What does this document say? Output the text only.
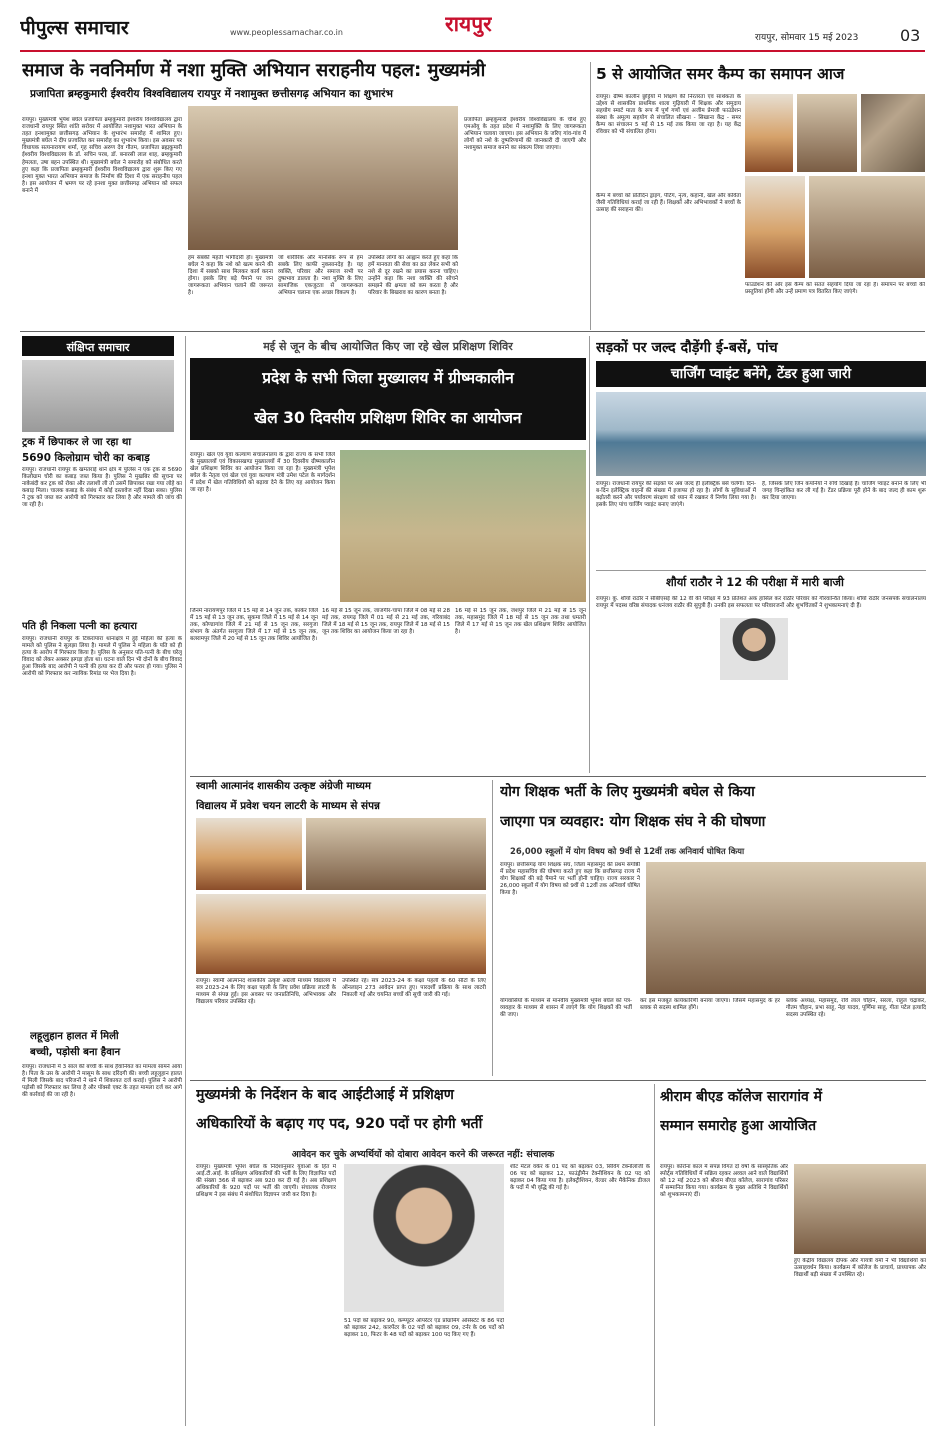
पीपुल्स समाचार	www.peoplessamachar.co.in	रायपुर
रायपुर, सोमवार 15 मई 2023	03
समाज के नवनिर्माण में नशा मुक्ति अभियान सराहनीय पहल: मुख्यमंत्री
प्रजापिता ब्रम्हकुमारी ईश्वरीय विश्वविद्यालय रायपुर में नशामुक्त छत्तीसगढ़ अभियान का शुभारंभ
रायपुर। मुख्यमंत्री भूपेश बघेल प्रजापिता ब्रम्हकुमारी ईश्वरीय विश्वविद्यालय द्वारा राजधानी रायपुर स्थित शांति सरोवर में आयोजित नशामुक्त भारत अभियान के तहत इनशामुक्त छत्तीसगढ़ अभियान के शुभारंभ समारोह में शामिल हुए। मुख्यमंत्री बघेल ने दीप प्रज्वलित कर समारोह का शुभारंभ किया। इस अवसर पर विधायक सत्यनारायण शर्मा, गृह सचिव अरुण देव गौतम, प्रजापिता ब्रह्मकुमारी ईश्वरीय विश्वविद्यालय के डॉ. सचिन परब, डॉ. बनारसी लाल शाह, ब्रम्हकुमारी हेमलता, उषा बहन उपस्थित थी। मुख्यमंत्री बघेल ने समारोह को संबोधित करते हुए कहा कि प्रजापिता ब्रम्हकुमारी ईश्वरीय विश्वविद्यालय द्वारा शुरू किए गए इनशा मुक्त भारत अभियान समाज के निर्माण की दिशा में एक सराहनीय पहल है। इस आयोजन में भ्रमण पर रहे इनशा मुक्त छत्तीसगढ़ अभियान को सफल बनाने में
हम सबकी महती भागीदारी हो। मुख्यमंत्री बघेल ने कहा कि नशे को खत्म करने की दिशा में सबको साथ मिलकर कार्य करना होगा। इसके लिए बड़े पैमाने पर जन जागरूकता अभियान चलाने की जरूरत है।
जो शारीरिक और मानसिक रूप से हम सबके लिए काफी नुकसानदेह है। यह व्यक्ति, परिवार और समाज सभी पर दुष्प्रभाव डालता है। नशा मुक्ति के लिए सामाजिक एकजुटता से जागरूकता अभियान चलाना एक अच्छा विकल्प है।
उपस्थित लोगों का आह्वान करते हुए कहा कि हमें मानवता की सेवा का व्रत लेकर सभी को नशे से दूर रखने का प्रयास करना चाहिए। उन्होंने कहा कि नशा व्यक्ति की सोचने समझने की क्षमता को कम करता है और परिवार के बिखराव का कारण बनता है।
प्रजापिता ब्रम्हकुमारी ईश्वरीय विश्वविद्यालय के चौथे हुए एमओयू के तहत प्रदेश में नशामुक्ति के लिए जागरूकता अभियान चलाया जाएगा। इस अभियान के जरिए गांव-गांव में लोगों को नशे के दुष्परिणामों की जानकारी दी जाएगी और नशामुक्त समाज बनाने का संकल्प लिया जाएगा।
5 से आयोजित समर कैम्प का समापन आज
रायपुर। ग्रीष्म कालीन छुट्टियों में शिक्षण की निरंतरता एवं सार्थकता के उद्देश्य से शासकीय प्राथमिक शाला गुढ़ियारी में शिक्षक और समुदाय सहयोग स्मार्ट माता के रूप में पूर्ण गणों एवं अजीम प्रेमजी फाउंडेशन संस्था के अमूल्य सहयोग से संचालित सीखना - सिखाना केंद्र - समर कैम्प का संचालन 5 मई से 15 मई तक किया जा रहा है। यह केंद्र रविवार को भी संचालित होगा।
कैम्प में बच्चों को प्रतिदिन ड्राइंग, पेंटिंग, नृत्य, कहानी, खेल और कविता जैसी गतिविधियां कराई जा रही हैं। शिक्षकों और अभिभावकों ने बच्चों के उत्साह की सराहना की।
फाउंडेशन की ओर इस कैम्प को सतत सहयोग दिया जा रहा है। समापन पर बच्चों की प्रस्तुतियां होंगी और उन्हें प्रमाण पत्र वितरित किए जाएंगे।
संक्षिप्त समाचार
ट्रक में छिपाकर ले जा रहा था
5690 किलोग्राम चोरी का कबाड़
रायपुर। राजधानी रायपुर के खमतराई थाने क्षेत्र में पुलिस ने एक ट्रक से 5690 किलोग्राम चोरी का कबाड़ जब्त किया है। पुलिस ने मुखबिर की सूचना पर नाकेबंदी कर ट्रक को रोका और तलाशी ली तो उसमें छिपाकर रखा गया लोहे का कबाड़ मिला। चालक कबाड़ के संबंध में कोई दस्तावेज नहीं दिखा सका। पुलिस ने ट्रक को जब्त कर आरोपी को गिरफ्तार कर लिया है और मामले की जांच की जा रही है।
पति ही निकला पत्नी का हत्यारा
रायपुर। राजधानी रायपुर के टिकरापारा थानाक्षेत्र में हुई महिला की हत्या के मामले को पुलिस ने सुलझा लिया है। मामले में पुलिस ने महिला के पति को ही हत्या के आरोप में गिरफ्तार किया है। पुलिस के अनुसार पति-पत्नी के बीच घरेलू विवाद को लेकर अक्सर झगड़ा होता था। घटना वाले दिन भी दोनों के बीच विवाद हुआ जिसके बाद आरोपी ने पत्नी की हत्या कर दी और फरार हो गया। पुलिस ने आरोपी को गिरफ्तार कर न्यायिक रिमांड पर भेज दिया है।
लहूलुहान हालत में मिली
बच्ची, पड़ोसी बना हैवान
रायपुर। राजधानी में 3 साल की बच्ची के साथ हैवानियत का मामला सामने आया है। पिता के उस के आरोपी ने मासूम के साथ दरिंदगी की। बच्ची लहूलुहान हालत में मिली जिसके बाद परिजनों ने थाने में शिकायत दर्ज कराई। पुलिस ने आरोपी पड़ोसी को गिरफ्तार कर लिया है और पॉक्सो एक्ट के तहत मामला दर्ज कर आगे की कार्रवाई की जा रही है।
मई से जून के बीच आयोजित किए जा रहे खेल प्रशिक्षण शिविर
प्रदेश के सभी जिला मुख्यालय में ग्रीष्मकालीन
खेल 30 दिवसीय प्रशिक्षण शिविर का आयोजन
रायपुर। खेल एवं युवा कल्याण संचालनालय के द्वारा राज्य के सभी जिले के मुख्यालयों एवं विकासखण्ड मुख्यालयों में 30 दिवसीय ग्रीष्मकालीन खेल प्रशिक्षण शिविर का आयोजन किया जा रहा है। मुख्यमंत्री भूपेश बघेल के नेतृत्व एवं खेल एवं युवा कल्याण मंत्री उमेश पटेल के मार्गदर्शन में प्रदेश में खेल गतिविधियों को बढ़ावा देने के लिए यह आयोजन किया जा रहा है।
जिनमें नारायणपुर जिले में 15 मई से 14 जून तक, कांकेर जिले में 15 मई से 13 जून तक, सुकमा जिले में 15 मई से 14 जून तक, कोण्डागांव जिले में 21 मई से 15 जून तक, सरगुजा संभाग के अंतर्गत सरगुजा जिले में 17 मई से 15 जून तक, बलरामपुर जिले में 20 मई से 15 जून तक शिविर आयोजित है।
16 मई से 15 जून तक, जांजगीर-चांपा जिले में 08 मई से 28 मई तक, रायगढ़ जिले में 01 मई से 21 मई तक, गरियाबंद जिले में 18 मई से 15 जून तक, रायपुर जिले में 18 मई से 15 जून तक शिविर का आयोजन किया जा रहा है।
16 मई से 15 जून तक, जशपुर जिले में 21 मई से 15 जून तक, महासमुंद जिले में 18 मई से 15 जून तक तथा धमतरी जिले में 17 मई से 15 जून तक खेल प्रशिक्षण शिविर आयोजित है।
सड़कों पर जल्द दौड़ेंगी ई-बसें, पांच
चार्जिंग प्वाइंट बनेंगे, टेंडर हुआ जारी
रायपुर। राजधानी रायपुर की सड़कों पर अब जल्द ही इलेक्ट्रिक बसें चलेंगी। दिन-ब-दिन इलेक्ट्रिक वाहनों की संख्या में इजाफा हो रहा है। लोगों के सुविधाओं में बढ़ोतरी करने और पर्यावरण संरक्षण को ध्यान में रखकर ये निर्णय लिया गया है। इसके लिए पांच चार्जिंग प्वाइंट बनाए जाएंगे।
है, जिसके लिए जिन कंपनियों ने रुचि दिखाई है। चार्जिंग प्वाइंट बनाने के लिए भी जगह चिन्हांकित कर ली गई है। टेंडर प्रक्रिया पूरी होने के बाद जल्द ही काम शुरू कर दिया जाएगा।
शौर्या राठौर ने 12 की परीक्षा में मारी बाजी
रायपुर। कु. शौर्या राठौर ने सीबीएसई की 12 वीं की परीक्षा में 93 प्रतिशत अंक हासिल कर राठौर परिवार को गौरवान्वित किया। शौर्या राठौर जनसंपर्क संचालनालय रायपुर में पदस्थ वरिष्ठ संपादक धनंजय राठौर की सुपुत्री हैं। उनकी इस सफलता पर परिवारजनों और शुभचिंतकों ने शुभकामनाएं दी हैं।
स्वामी आत्मानंद शासकीय उत्कृष्ट अंग्रेजी माध्यम
विद्यालय में प्रवेश चयन लाटरी के माध्यम से संपन्न
रायपुर। स्वामी आत्मानंद शासकीय उत्कृष्ट अंग्रेजी माध्यम विद्यालय में सत्र 2023-24 के लिए कक्षा पहली के लिए प्रवेश प्रक्रिया लाटरी के माध्यम से संपन्न हुई। इस अवसर पर जनप्रतिनिधि, अभिभावक और विद्यालय परिवार उपस्थित रहे।
उपस्थित रहे। सत्र 2023-24 के कक्षा पहली के 60 सीटों के लिए ऑनलाइन 273 आवेदन प्राप्त हुए। पारदर्शी प्रक्रिया के साथ लाटरी निकाली गई और चयनित बच्चों की सूची जारी की गई।
योग शिक्षक भर्ती के लिए मुख्यमंत्री बघेल से किया
जाएगा पत्र व्यवहार: योग शिक्षक संघ ने की घोषणा
26,000 स्कूलों में योग विषय को 9वीं से 12वीं तक अनिवार्य घोषित किया
रायपुर। छत्तीसगढ़ योग शिक्षक संघ, जिला महासमुंद की प्रथम संगोष्ठी में प्रदेश महासचिव की घोषणा करते हुए कहा कि छत्तीसगढ़ राज्य में योग शिक्षकों की बड़े पैमाने पर भर्ती होनी चाहिए। राज्य सरकार ने 26,000 स्कूलों में योग विषय को 9वीं से 12वीं तक अनिवार्य घोषित किया है।
योगवासियों के माध्यम से मानवीय मुख्यमंत्री भूपेश बघेल को पत्र-व्यवहार के माध्यम से शासन में लाएंगे कि योग शिक्षकों की भर्ती की जाए।
कर इस मजबूत कार्यकारिणी बनाया जाएगा। जिसमें महासमुंद के हर ब्लाक से सदस्य शामिल होंगे।
ब्लॉक अध्यक्ष, महासमुंद, रवि लाल चौहान, सरला, राहुल चंद्राकर, गौतम चौहान, प्रभा साहू, नेहा यादव, पूर्णिमा साहू, गीता पटेल इत्यादि सदस्य उपस्थित रहे।
मुख्यमंत्री के निर्देशन के बाद आईटीआई में प्रशिक्षण
अधिकारियों के बढ़ाए गए पद, 920 पदों पर होगी भर्ती
आवेदन कर चुके अभ्यर्थियों को दोबारा आवेदन करने की जरूरत नहीं: संचालक
रायपुर। मुख्यमंत्री भूपेश बघेल के निर्देशानुसार युवाओं के हित में आई.टी.आई. के प्रशिक्षण अधिकारियों की भर्ती के लिए विज्ञापित पदों की संख्या 366 से बढ़ाकर अब 920 कर दी गई है। अब प्रशिक्षण अधिकारियों के 920 पदों पर भर्ती की जाएगी। संचालक रोजगार प्रशिक्षण ने इस संबंध में संशोधित विज्ञापन जारी कर दिया है।
51 पदों को बढ़ाकर 90, कम्प्यूटर ऑपरेटर एंड प्रोग्रामिंग असिस्टेंट के 86 पदों को बढ़ाकर 242, कारपेंटर के 02 पदों को बढ़ाकर 09, टर्नर के 06 पदों को बढ़ाकर 10, फिटर के 48 पदों को बढ़ाकर 100 पद किए गए हैं।
शीट मेटल वर्कर के 01 पद को बढ़ाकर 03, सिविंग टेक्नोलॉजी के 06 पद को बढ़ाकर 12, फाउंड्रीमैन टेक्नीशियन के 02 पद को बढ़ाकर 04 किया गया है। इलेक्ट्रीशियन, वेल्डर और मैकेनिक डीजल के पदों में भी वृद्धि की गई है।
श्रीराम बीएड कॉलेज सारागांव में
सम्मान समारोह हुआ आयोजित
रायपुर। कोरोना काल में संपन्न विगत दो वर्षों के सांस्कृतिक और स्पोर्ट्स गतिविधियों में सक्रिय रहकर अव्वल आने वाले विद्यार्थियों को 12 मई 2023 को श्रीराम बीएड कॉलेज, सारागांव परिसर में सम्मानित किया गया। कार्यक्रम के मुख्य अतिथि ने विद्यार्थियों को शुभकामनाएं दीं।
हुए केंद्रीय विद्यालय दीपक और गायत्री वर्मा ने भी विद्यार्थियों का उत्साहवर्धन किया। कार्यक्रम में कॉलेज के प्राचार्य, प्राध्यापक और विद्यार्थी बड़ी संख्या में उपस्थित रहे।
